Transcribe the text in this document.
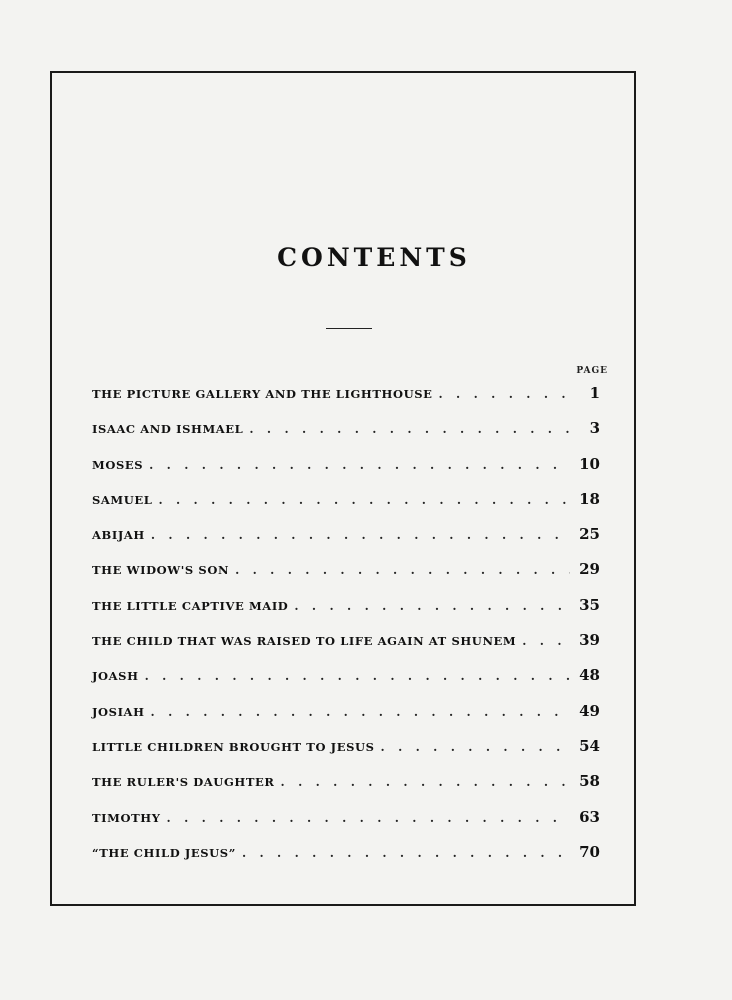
CONTENTS
PAGE
THE PICTURE GALLERY AND THE LIGHTHOUSE . . .	1
ISAAC AND ISHMAEL . . .	3
MOSES . . .	10
SAMUEL . . .	18
ABIJAH . . .	25
THE WIDOW'S SON . . .	29
THE LITTLE CAPTIVE MAID . . .	35
THE CHILD THAT WAS RAISED TO LIFE AGAIN AT SHUNEM . . .	39
JOASH . . .	48
JOSIAH . . .	49
LITTLE CHILDREN BROUGHT TO JESUS . . .	54
THE RULER'S DAUGHTER . . .	58
TIMOTHY . . .	63
“THE CHILD JESUS” . . .	70
